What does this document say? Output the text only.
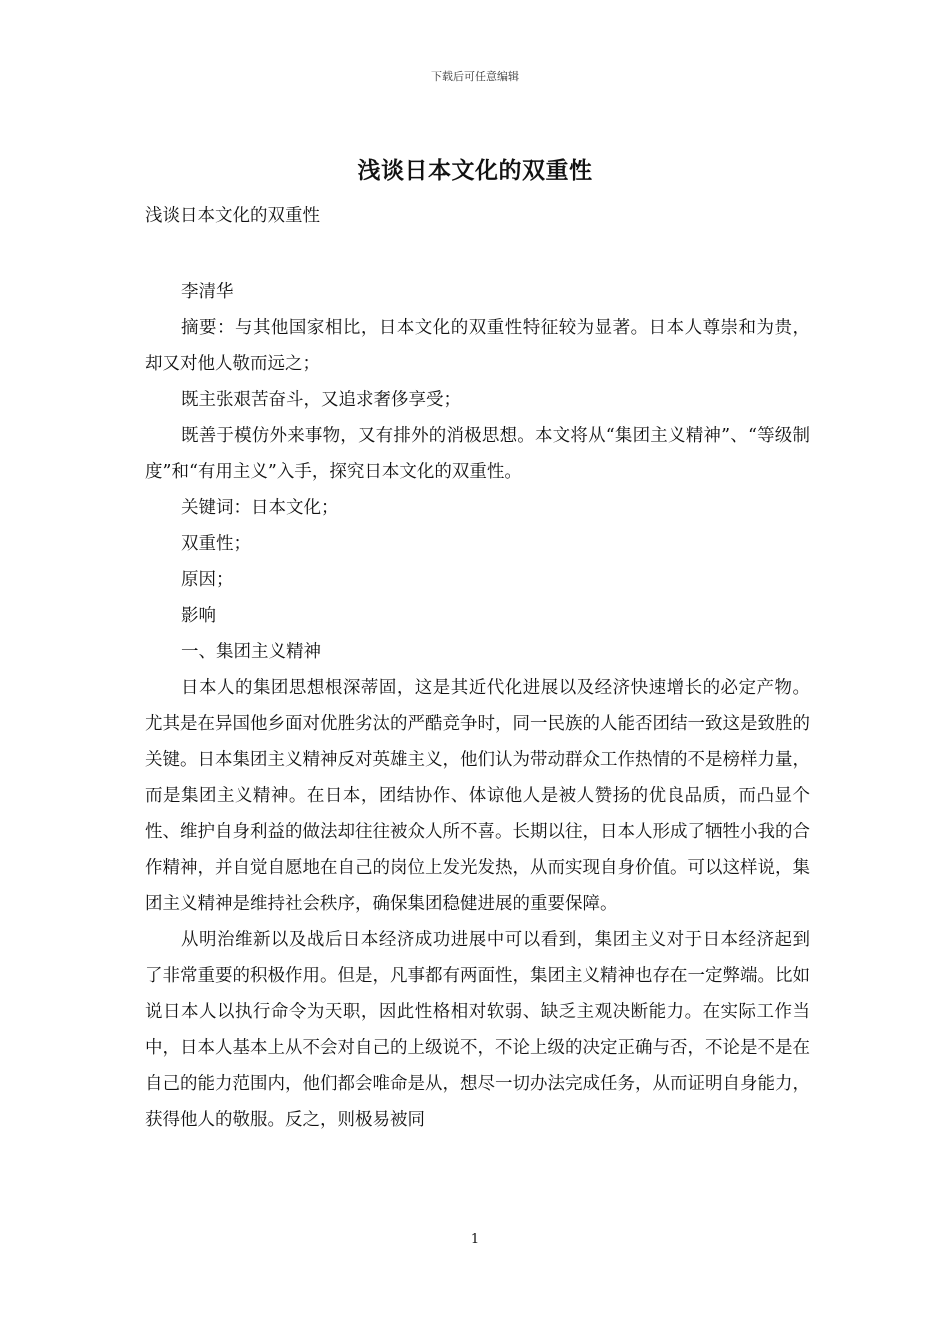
下载后可任意编辑
浅谈日本文化的双重性

浅谈日本文化的双重性

李清华

摘要：与其他国家相比，日本文化的双重性特征较为显著。日本人尊崇和为贵，却又对他人敬而远之；

既主张艰苦奋斗，又追求奢侈享受；

既善于模仿外来事物，又有排外的消极思想。本文将从“集团主义精神”、“等级制度”和“有用主义”入手，探究日本文化的双重性。

关键词：日本文化；

双重性；

原因；

影响

一、集团主义精神

日本人的集团思想根深蒂固，这是其近代化进展以及经济快速增长的必定产物。尤其是在异国他乡面对优胜劣汰的严酷竞争时，同一民族的人能否团结一致这是致胜的关键。日本集团主义精神反对英雄主义，他们认为带动群众工作热情的不是榜样力量，而是集团主义精神。在日本，团结协作、体谅他人是被人赞扬的优良品质，而凸显个性、维护自身利益的做法却往往被众人所不喜。长期以往，日本人形成了牺牲小我的合作精神，并自觉自愿地在自己的岗位上发光发热，从而实现自身价值。可以这样说，集团主义精神是维持社会秩序，确保集团稳健进展的重要保障。

从明治维新以及战后日本经济成功进展中可以看到，集团主义对于日本经济起到了非常重要的积极作用。但是，凡事都有两面性，集团主义精神也存在一定弊端。比如说日本人以执行命令为天职，因此性格相对软弱、缺乏主观决断能力。在实际工作当中，日本人基本上从不会对自己的上级说不，不论上级的决定正确与否，不论是不是在自己的能力范围内，他们都会唯命是从，想尽一切办法完成任务，从而证明自身能力，获得他人的敬服。反之，则极易被同

1
